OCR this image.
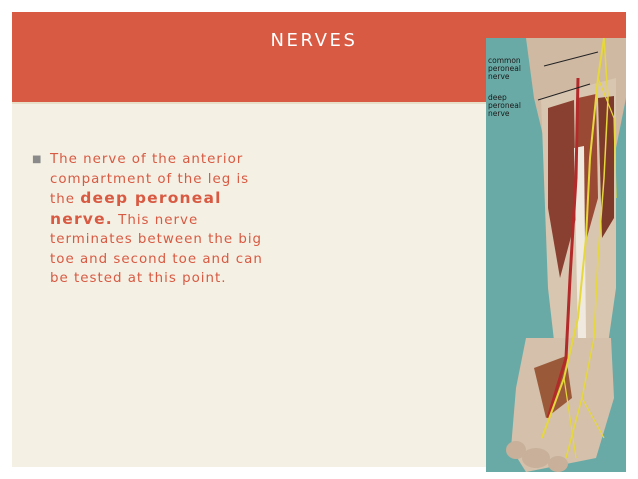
NERVES
■ The nerve of the anterior compartment of the leg is the deep peroneal nerve. This nerve terminates between the big toe and second toe and can be tested at this point.
common peroneal nerve
deep peroneal nerve
